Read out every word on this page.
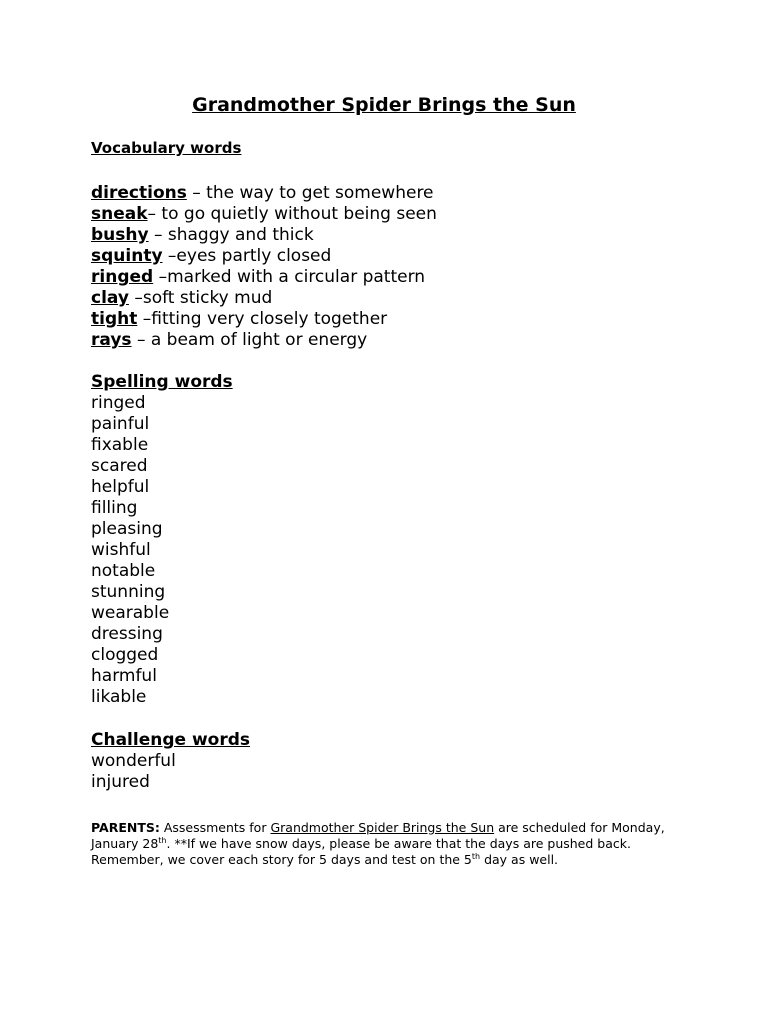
Grandmother Spider Brings the Sun
Vocabulary words
directions – the way to get somewhere
sneak– to go quietly without being seen
bushy – shaggy and thick
squinty –eyes partly closed
ringed –marked with a circular pattern
clay –soft sticky mud
tight –fitting very closely together
rays – a beam of light or energy
Spelling words
ringed
painful
fixable
scared
helpful
filling
pleasing
wishful
notable
stunning
wearable
dressing
clogged
harmful
likable
Challenge words
wonderful
injured

PARENTS: Assessments for Grandmother Spider Brings the Sun are scheduled for Monday, January 28th. **If we have snow days, please be aware that the days are pushed back. Remember, we cover each story for 5 days and test on the 5th day as well.
